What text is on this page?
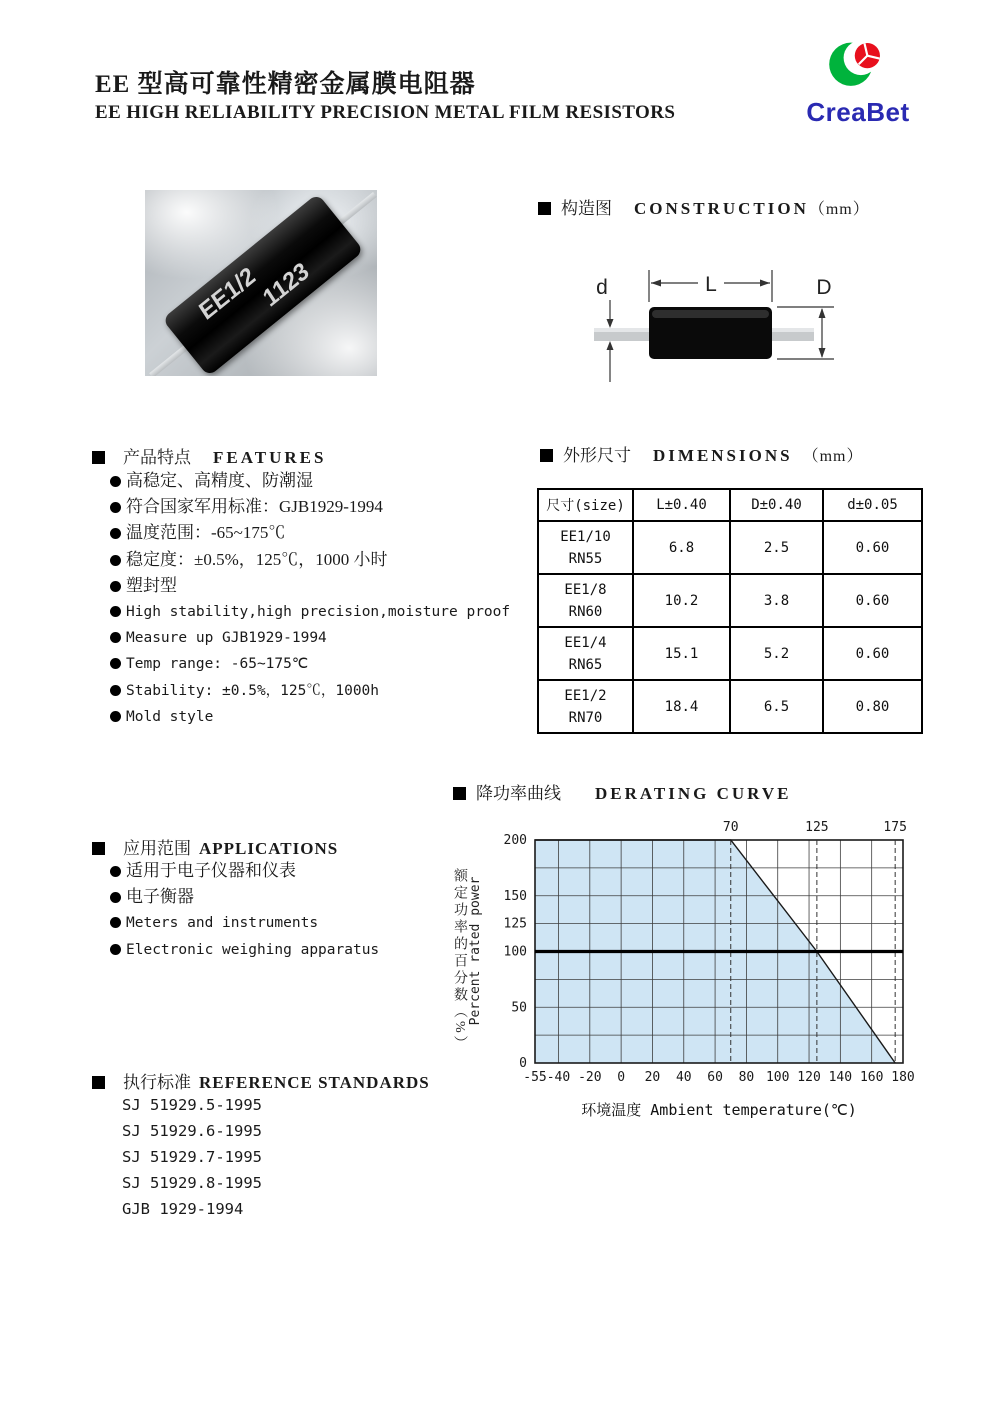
EE 型高可靠性精密金属膜电阻器
EE HIGH RELIABILITY PRECISION METAL FILM RESISTORS	CreaBet
EE1/2
1123
构造图 CONSTRUCTION（mm）
d	L	D
产品特点 FEATURES
高稳定、高精度、防潮湿
符合国家军用标准：GJB1929-1994
温度范围：-65~175℃
稳定度：±0.5%，125℃，1000 小时
塑封型
High stability,high precision,moisture proof
Measure up GJB1929-1994
Temp range: -65~175℃
Stability: ±0.5%，125℃，1000h
Mold style
外形尺寸 DIMENSIONS （mm）
尺寸(size)	L±0.40	D±0.40	d±0.05
EE1/10
RN55	6.8	2.5	0.60
EE1/8
RN60	10.2	3.8	0.60
EE1/4
RN65	15.1	5.2	0.60
EE1/2
RN70	18.4	6.5	0.80
降功率曲线 DERATING CURVE
额定功率的百分数（%） Percent rated power
70	125	175
-55 -40 -20 0 20 40 60 80 100 120 140 160 180
0
50
100
125
150
200
环境温度 Ambient temperature(℃)
应用范围 APPLICATIONS
适用于电子仪器和仪表
电子衡器
Meters and instruments
Electronic weighing apparatus
执行标准 REFERENCE STANDARDS
SJ 51929.5-1995
SJ 51929.6-1995
SJ 51929.7-1995
SJ 51929.8-1995
GJB 1929-1994
